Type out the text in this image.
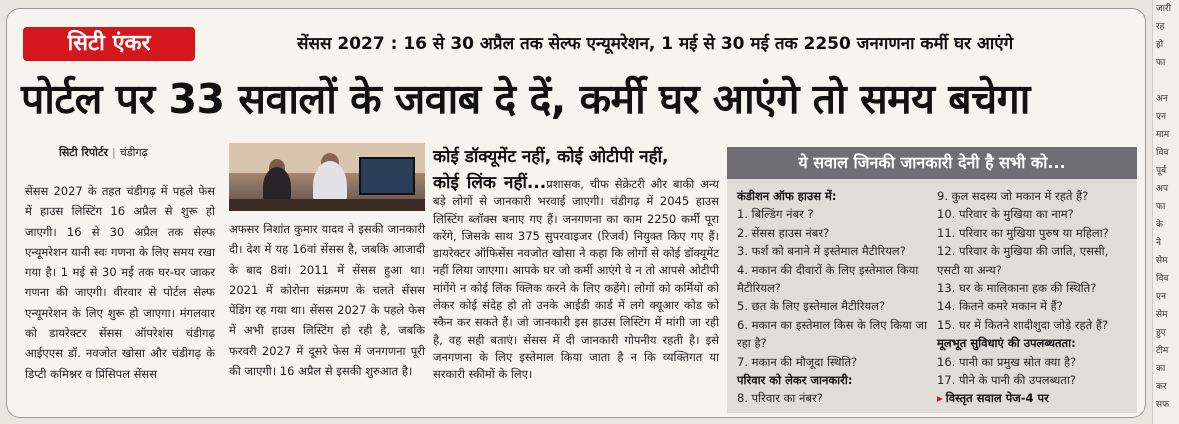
सिटी एंकर	सेंसस 2027 : 16 से 30 अप्रैल तक सेल्फ एन्यूमरेशन, 1 मई से 30 मई तक 2250 जनगणना कर्मी घर आएंगे
पोर्टल पर 33 सवालों के जवाब दे दें, कर्मी घर आएंगे तो समय बचेगा
सिटी रिपोर्टर | चंडीगढ़
सेंसस 2027 के तहत चंडीगढ़ में पहले फेस में हाउस लिस्टिंग 16 अप्रैल से शुरू हो जाएगी। 16 से 30 अप्रैल तक सेल्फ एन्यूमरेशन यानी स्वः गणना के लिए समय रखा गया है। 1 मई से 30 मई तक घर-घर जाकर गणना की जाएगी। वीरवार से पोर्टल सेल्फ एन्यूमरेशन के लिए शुरू हो जाएगा। मंगलवार को डायरेक्टर सेंसस ऑपरेशंस चंडीगढ़ आईएएस डॉ. नवजोत खोसा और चंडीगढ़ के डिप्टी कमिश्नर व प्रिंसिपल सेंसस
अफसर निशांत कुमार यादव ने इसकी जानकारी दी। देश में यह 16वां सेंसस है, जबकि आजादी के बाद 8वां। 2011 में सेंसस हुआ था। 2021 में कोरोना संक्रमण के चलते सेंसस पेंडिंग रह गया था। सेंसस 2027 के पहले फेस में अभी हाउस लिस्टिंग हो रही है, जबकि फरवरी 2027 में दूसरे फेस में जनगणना पूरी की जाएगी। 16 अप्रैल से इसकी शुरुआत है।
कोई डॉक्यूमेंट नहीं, कोई ओटीपी नहीं,
कोई लिंक नहीं...प्रशासक, चीफ सेक्रेटरी और बाकी अन्य बड़े लोगों से जानकारी भरवाई जाएगी। चंडीगढ़ में 2045 हाउस लिस्टिंग ब्लॉक्स बनाए गए हैं। जनगणना का काम 2250 कर्मी पूरा करेंगे, जिसके साथ 375 सुपरवाइजर (रिजर्व) नियुक्त किए गए हैं। डायरेक्टर ऑफिसेंस नवजोत खोसा ने कहा कि लोगों से कोई डॉक्यूमेंट नहीं लिया जाएगा। आपके घर जो कर्मी आएंगे वे न तो आपसे ओटीपी मांगेंगे न कोई लिंक क्लिक करने के लिए कहेंगे। लोगों को कर्मियों को लेकर कोई संदेह हो तो उनके आईडी कार्ड में लगे क्यूआर कोड को स्कैन कर सकते हैं। जो जानकारी इस हाउस लिस्टिंग में मांगी जा रही है, वह सही बताएं। सेंसस में दी जानकारी गोपनीय रहती है। इसे जनगणना के लिए इस्तेमाल किया जाता है न कि व्यक्तिगत या सरकारी स्कीमों के लिए।
ये सवाल जिनकी जानकारी देनी है सभी को...
कंडीशन ऑफ हाउस में:
1. बिल्डिंग नंबर ?
2. सेंसस हाउस नंबर?
3. फर्श को बनाने में इस्तेमाल मैटीरियल?
4. मकान की दीवारों के लिए इस्तेमाल किया मैटीरियल?
5. छत के लिए इस्तेमाल मैटीरियल?
6. मकान का इस्तेमाल किस के लिए किया जा रहा है?
7. मकान की मौजूदा स्थिति?
परिवार को लेकर जानकारी:
8. परिवार का नंबर?
9. कुल सदस्य जो मकान में रहते हैं?
10. परिवार के मुखिया का नाम?
11. परिवार का मुखिया पुरुष या महिला?
12. परिवार के मुखिया की जाति, एससी, एसटी या अन्य?
13. घर के मालिकाना हक की स्थिति?
14. कितने कमरे मकान में हैं?
15. घर में कितने शादीशुदा जोड़े रहते हैं?
मूलभूत सुविधाएं की उपलब्धतता:
16. पानी का प्रमुख स्रोत क्या है?
17. पीने के पानी की उपलब्धता?
▸ विस्तृत सवाल पेज-4 पर
जारी
रह
हो
फा

अन
एन
माम
विव
पूर्व
अप
फा
के
ने
सेम
विव
एन
सेम
हुए
टीम
का
कर
सफ
